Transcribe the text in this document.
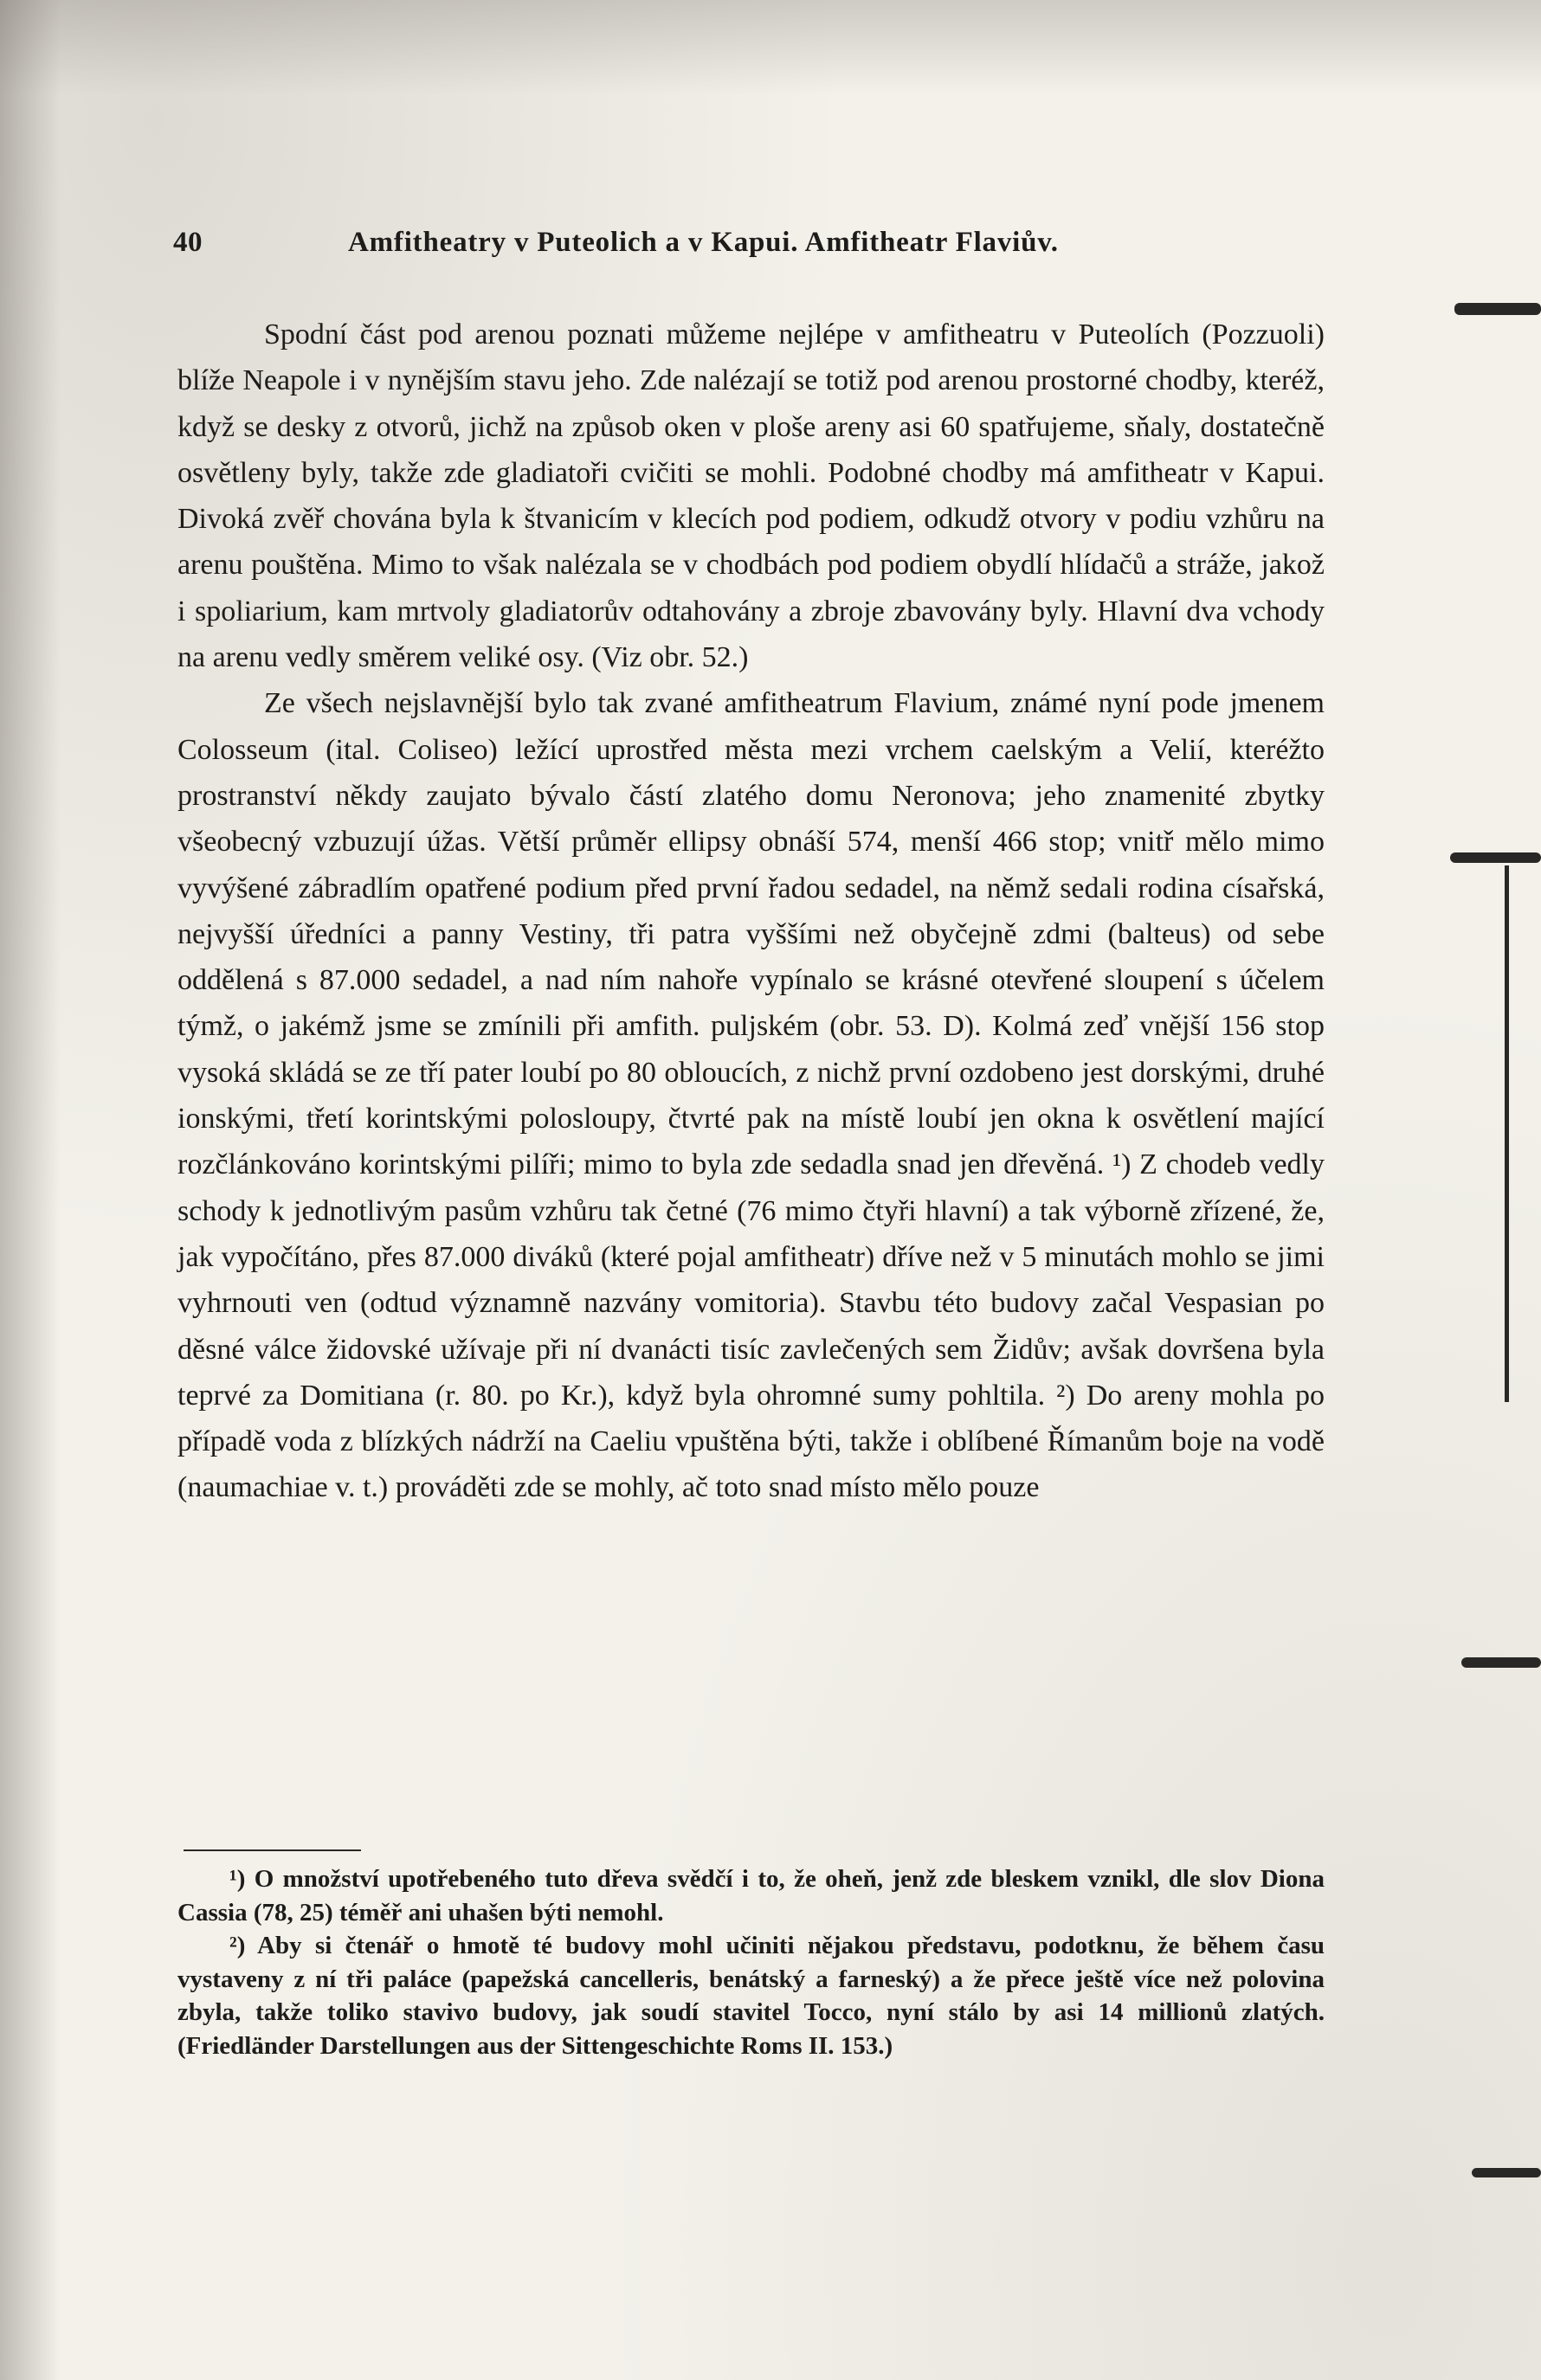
40	Amfitheatry v Puteolich a v Kapui. Amfitheatr Flaviův.

Spodní část pod arenou poznati můžeme nejlépe v amfitheatru v Puteolích (Pozzuoli) blíže Neapole i v nynějším stavu jeho. Zde nalézají se totiž pod arenou prostorné chodby, kteréž, když se desky z otvorů, jichž na způsob oken v ploše areny asi 60 spatřujeme, sňaly, dostatečně osvětleny byly, takže zde gladiatoři cvičiti se mohli. Podobné chodby má amfitheatr v Kapui. Divoká zvěř chována byla k štvanicím v klecích pod podiem, odkudž otvory v podiu vzhůru na arenu pouštěna. Mimo to však nalézala se v chodbách pod podiem obydlí hlídačů a stráže, jakož i spoliarium, kam mrtvoly gladiatorův odtahovány a zbroje zbavovány byly. Hlavní dva vchody na arenu vedly směrem veliké osy. (Viz obr. 52.)

Ze všech nejslavnější bylo tak zvané amfitheatrum Flavium, známé nyní pode jmenem Colosseum (ital. Coliseo) ležící uprostřed města mezi vrchem caelským a Velií, kteréžto prostranství někdy zaujato bývalo částí zlatého domu Neronova; jeho znamenité zbytky všeobecný vzbuzují úžas. Větší průměr ellipsy obnáší 574, menší 466 stop; vnitř mělo mimo vyvýšené zábradlím opatřené podium před první řadou sedadel, na němž sedali rodina císařská, nejvyšší úředníci a panny Vestiny, tři patra vyššími než obyčejně zdmi (balteus) od sebe oddělená s 87.000 sedadel, a nad ním nahoře vypínalo se krásné otevřené sloupení s účelem týmž, o jakémž jsme se zmínili při amfith. puljském (obr. 53. D). Kolmá zeď vnější 156 stop vysoká skládá se ze tří pater loubí po 80 obloucích, z nichž první ozdobeno jest dorskými, druhé ionskými, třetí korintskými polosloupy, čtvrté pak na místě loubí jen okna k osvětlení mající rozčlánkováno korintskými pilíři; mimo to byla zde sedadla snad jen dřevěná. ¹) Z chodeb vedly schody k jednotlivým pasům vzhůru tak četné (76 mimo čtyři hlavní) a tak výborně zřízené, že, jak vypočítáno, přes 87.000 diváků (které pojal amfitheatr) dříve než v 5 minutách mohlo se jimi vyhrnouti ven (odtud významně nazvány vomitoria). Stavbu této budovy začal Vespasian po děsné válce židovské užívaje při ní dvanácti tisíc zavlečených sem Židův; avšak dovršena byla teprvé za Domitiana (r. 80. po Kr.), když byla ohromné sumy pohltila. ²) Do areny mohla po případě voda z blízkých nádrží na Caeliu vpuštěna býti, takže i oblíbené Římanům boje na vodě (naumachiae v. t.) prováděti zde se mohly, ač toto snad místo mělo pouze

¹) O množství upotřebeného tuto dřeva svědčí i to, že oheň, jenž zde bleskem vznikl, dle slov Diona Cassia (78, 25) téměř ani uhašen býti nemohl.

²) Aby si čtenář o hmotě té budovy mohl učiniti nějakou představu, podotknu, že během času vystaveny z ní tři paláce (papežská cancelleris, benátský a farneský) a že přece ještě více než polovina zbyla, takže toliko stavivo budovy, jak soudí stavitel Tocco, nyní stálo by asi 14 millionů zlatých. (Friedländer Darstellungen aus der Sittengeschichte Roms II. 153.)
